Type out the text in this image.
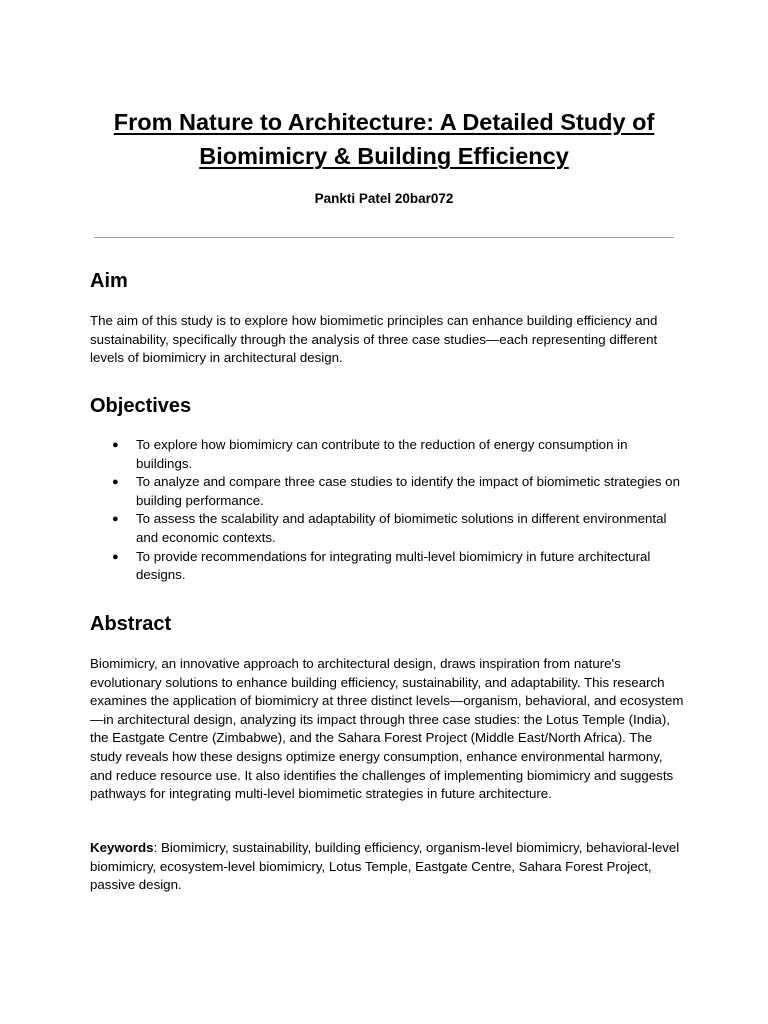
From Nature to Architecture: A Detailed Study of
Biomimicry & Building Efficiency

Pankti Patel 20bar072

Aim

The aim of this study is to explore how biomimetic principles can enhance building efficiency and sustainability, specifically through the analysis of three case studies—each representing different levels of biomimicry in architectural design.

Objectives
● To explore how biomimicry can contribute to the reduction of energy consumption in buildings.
● To analyze and compare three case studies to identify the impact of biomimetic strategies on building performance.
● To assess the scalability and adaptability of biomimetic solutions in different environmental and economic contexts.
● To provide recommendations for integrating multi-level biomimicry in future architectural designs.
Abstract

Biomimicry, an innovative approach to architectural design, draws inspiration from nature's evolutionary solutions to enhance building efficiency, sustainability, and adaptability. This research examines the application of biomimicry at three distinct levels—organism, behavioral, and ecosystem—in architectural design, analyzing its impact through three case studies: the Lotus Temple (India), the Eastgate Centre (Zimbabwe), and the Sahara Forest Project (Middle East/North Africa). The study reveals how these designs optimize energy consumption, enhance environmental harmony, and reduce resource use. It also identifies the challenges of implementing biomimicry and suggests pathways for integrating multi-level biomimetic strategies in future architecture.

Keywords: Biomimicry, sustainability, building efficiency, organism-level biomimicry, behavioral-level biomimicry, ecosystem-level biomimicry, Lotus Temple, Eastgate Centre, Sahara Forest Project, passive design.
